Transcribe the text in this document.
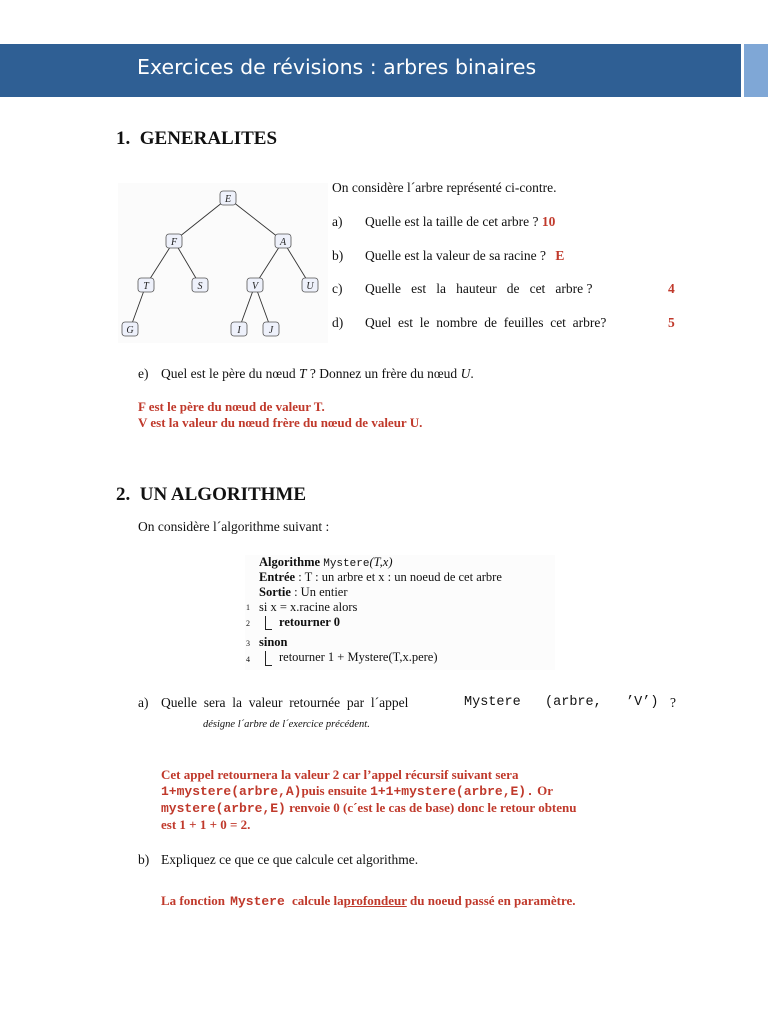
Exercices de révisions : arbres binaires
1.  GENERALITES
E
F	A
T	S	V	U
G	I	J
On considère l´arbre représenté ci-contre.
a) Quelle est la taille de cet arbre ? 10
b) Quelle est la valeur de sa racine ? E
c) Quelle   est   la   hauteur   de   cet   arbre ?	4
d) Quel  est  le  nombre  de  feuilles  cet  arbre?	5
e) Quel est le père du nœud T ? Donnez un frère du nœud U.
F est le père du nœud de valeur T.
V est la valeur du nœud frère du nœud de valeur U.
2.  UN ALGORITHME
On considère l´algorithme suivant :
Algorithme Mystere(T,x)
Entrée : T : un arbre et x : un noeud de cet arbre
Sortie : Un entier
1 si x = x.racine alors
2 retourner 0
3 sinon
4 retourner 1 + Mystere(T,x.pere)
a) Quelle  sera  la  valeur  retournée  par  l´appel	Mystere   (arbre,   ’V’) ?
désigne l´arbre de l´exercice précédent.
Cet appel retournera la valeur 2 car l’appel récursif suivant sera
1+mystere(arbre,A)puis ensuite 1+1+mystere(arbre,E). Or
mystere(arbre,E) renvoie 0 (c´est le cas de base) donc le retour obtenu
est 1 + 1 + 0 = 2.
b) Expliquez ce que ce que calcule cet algorithme.
La fonction Mystere calcule laprofondeur du noeud passé en paramètre.
